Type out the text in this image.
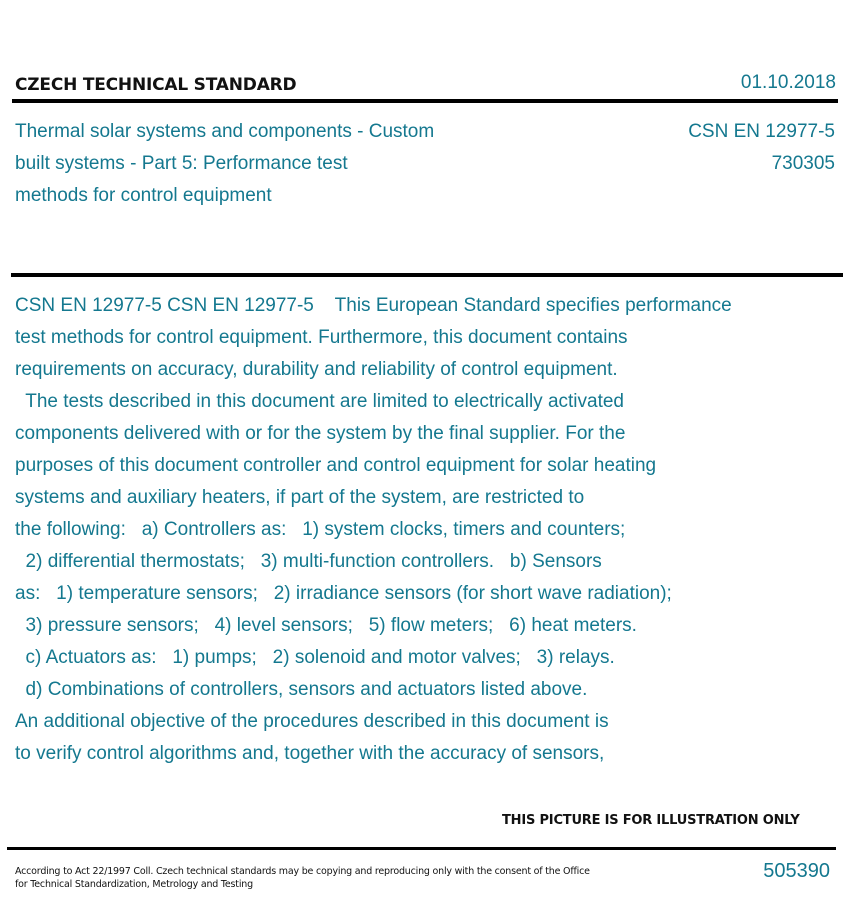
CZECH TECHNICAL STANDARD	01.10.2018
Thermal solar systems and components - Custom
built systems - Part 5: Performance test
methods for control equipment
CSN EN 12977-5
730305
CSN EN 12977-5 CSN EN 12977-5    This European Standard specifies performance
test methods for control equipment. Furthermore, this document contains
requirements on accuracy, durability and reliability of control equipment.
The tests described in this document are limited to electrically activated
components delivered with or for the system by the final supplier. For the
purposes of this document controller and control equipment for solar heating
systems and auxiliary heaters, if part of the system, are restricted to
the following:   a) Controllers as:   1) system clocks, timers and counters;
2) differential thermostats;   3) multi-function controllers.   b) Sensors
as:   1) temperature sensors;   2) irradiance sensors (for short wave radiation);
3) pressure sensors;   4) level sensors;   5) flow meters;   6) heat meters.
c) Actuators as:   1) pumps;   2) solenoid and motor valves;   3) relays.
d) Combinations of controllers, sensors and actuators listed above.
An additional objective of the procedures described in this document is
to verify control algorithms and, together with the accuracy of sensors,
THIS PICTURE IS FOR ILLUSTRATION ONLY
According to Act 22/1997 Coll. Czech technical standards may be copying and reproducing only with the consent of the Office
for Technical Standardization, Metrology and Testing
505390
